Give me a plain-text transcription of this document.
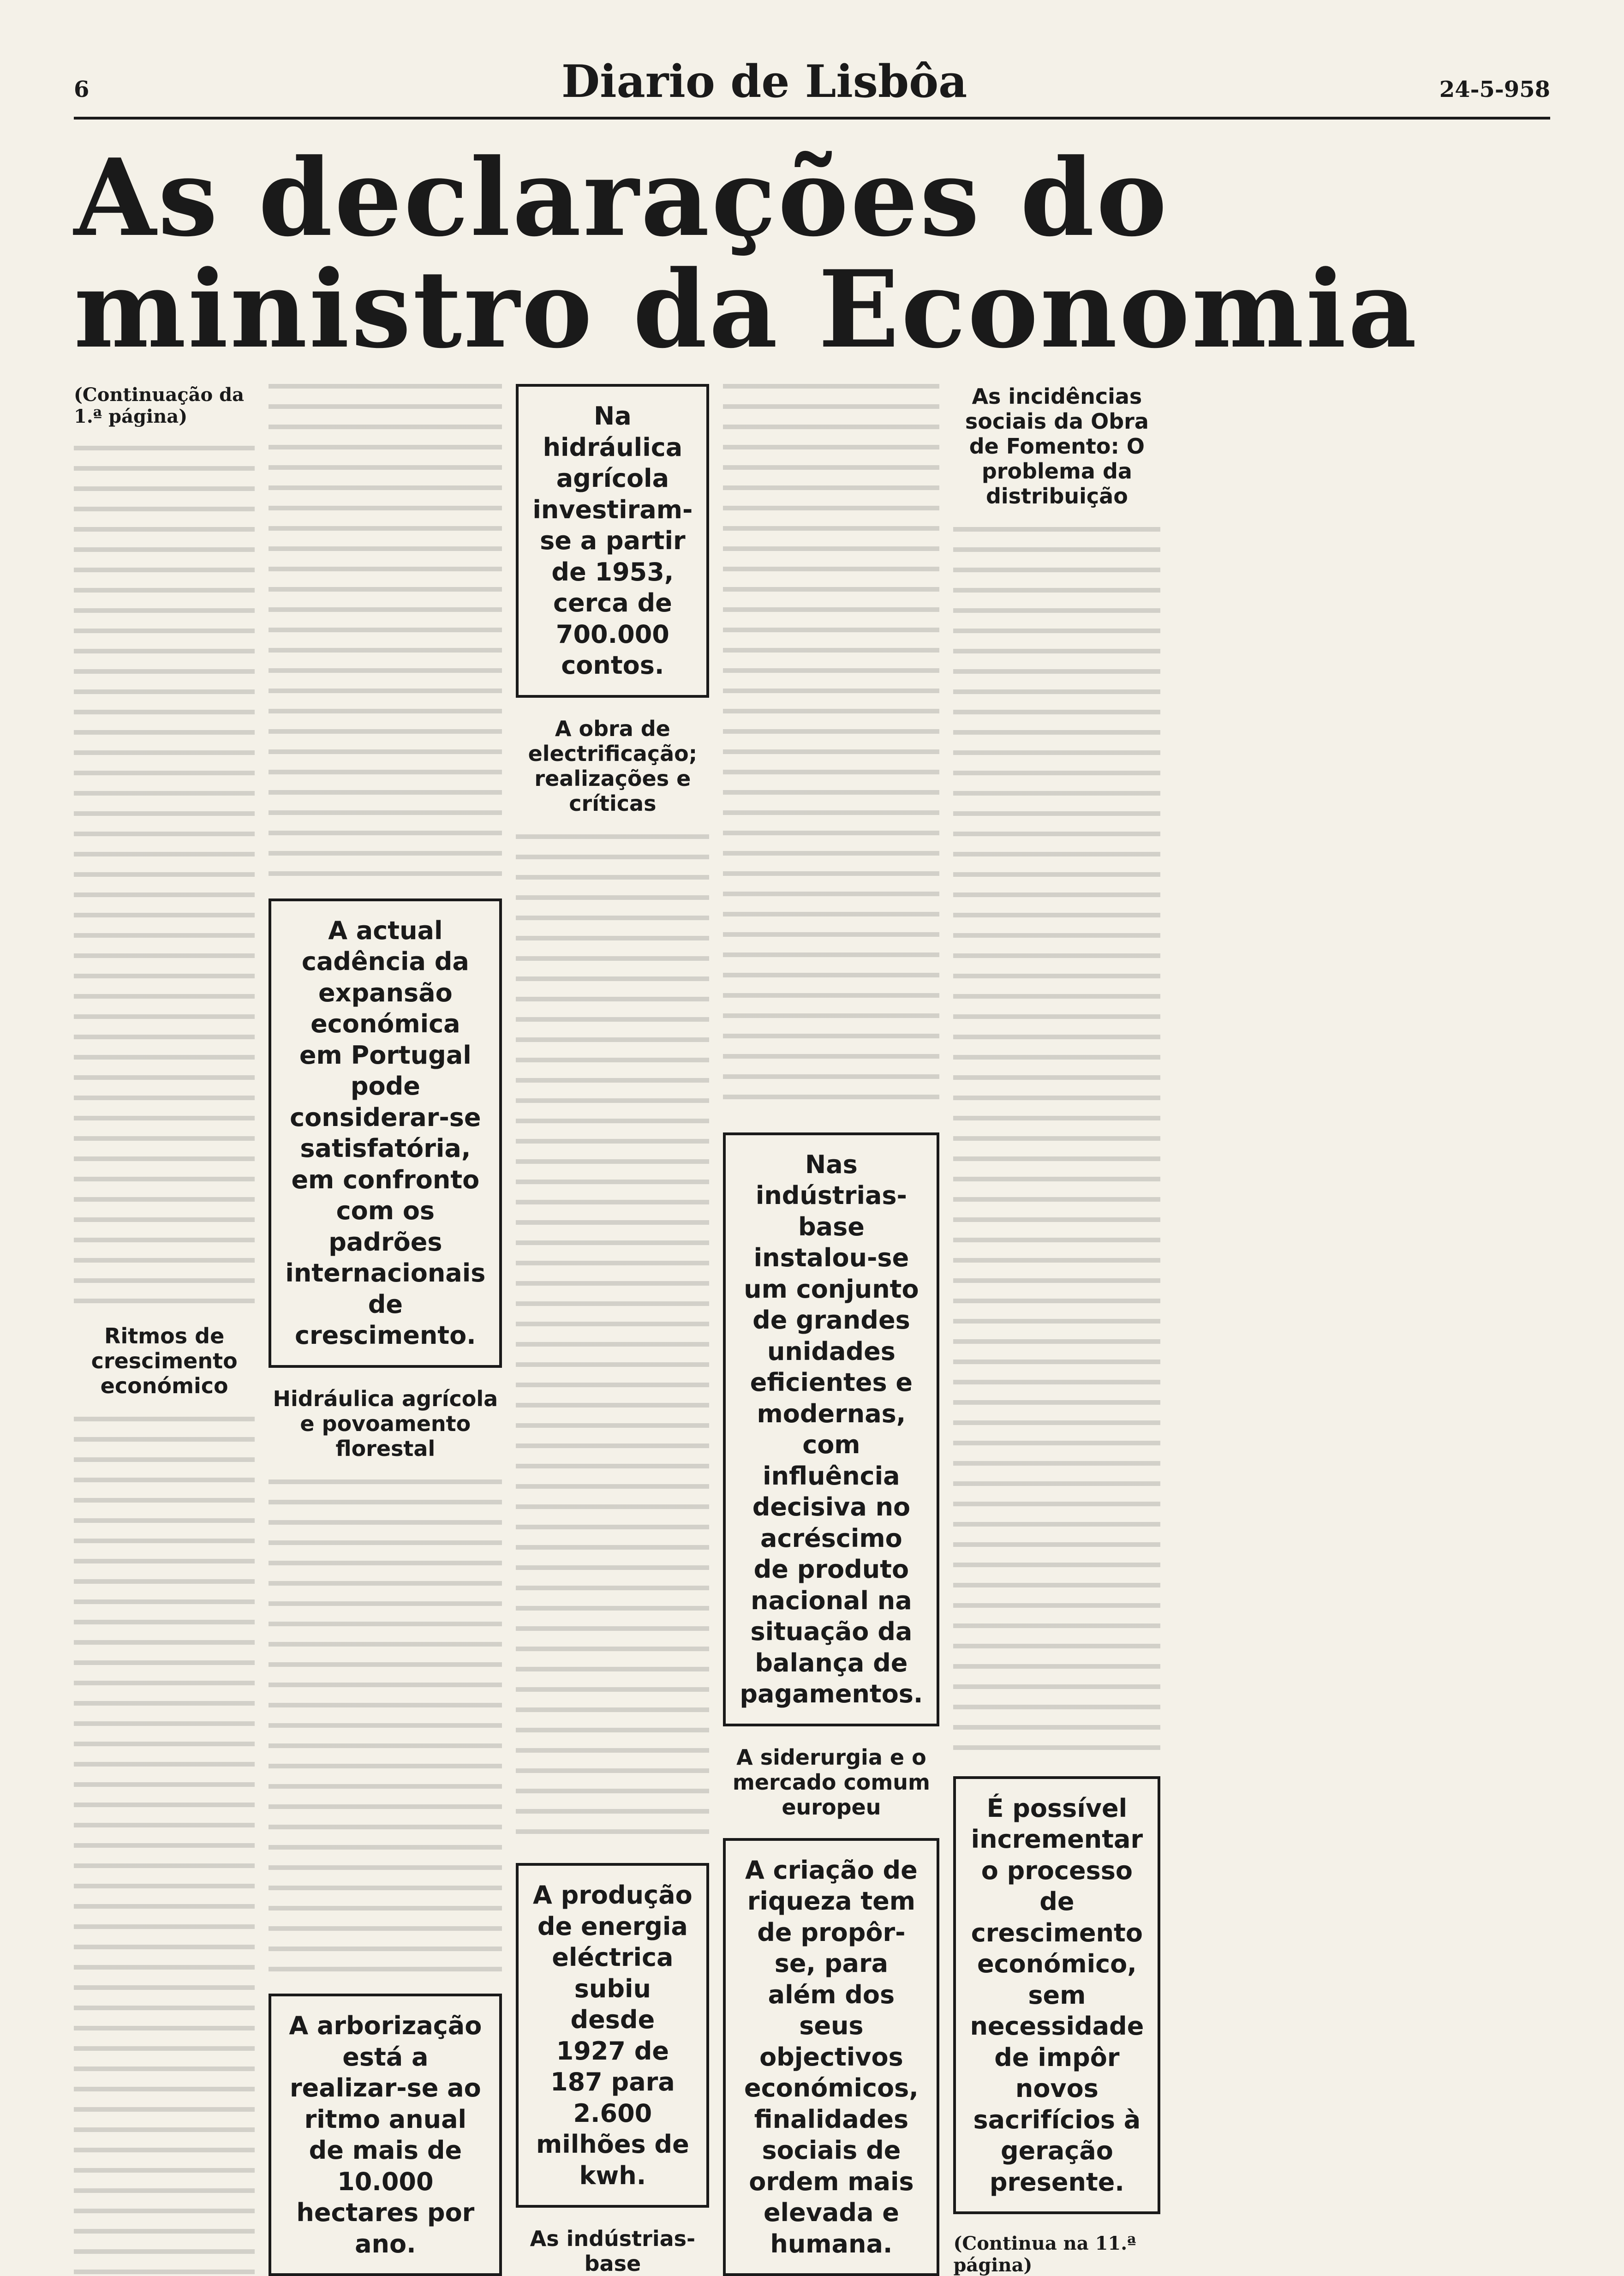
6	Diario de Lisbôa	24-5-958
As declarações do ministro da Economia
(Continuação da 1.ª página)
Ritmos de crescimento económico
A actual cadência da expansão económica em Portugal pode considerar-se satisfatória, em confronto com os padrões internacionais de crescimento.
Hidráulica agrícola e povoamento florestal
A arborização está a realizar-se ao ritmo anual de mais de 10.000 hectares por ano.
Na hidráulica agrícola investiram-se a partir de 1953, cerca de 700.000 contos.
A obra de electrificação; realizações e críticas
A produção de energia eléctrica subiu desde 1927 de 187 para 2.600 milhões de kwh.
As indústrias-base
Nas indústrias-base instalou-se um conjunto de grandes unidades eficientes e modernas, com influência decisiva no acréscimo de produto nacional na situação da balança de pagamentos.
A siderurgia e o mercado comum europeu
A criação de riqueza tem de propôr-se, para além dos seus objectivos económicos, finalidades sociais de ordem mais elevada e humana.
As incidências sociais da Obra de Fomento: O problema da distribuição
É possível incrementar o processo de crescimento económico, sem necessidade de impôr novos sacrifícios à geração presente.
(Continua na 11.ª página)
